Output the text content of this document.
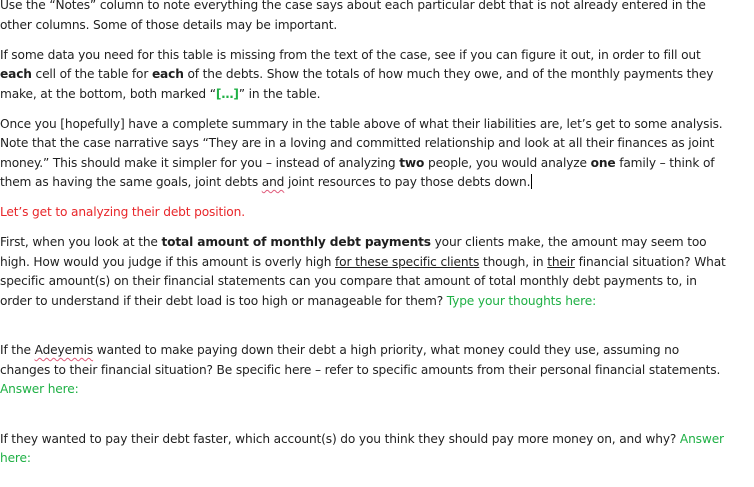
Use the “Notes” column to note everything the case says about each particular debt that is not already entered in the other columns. Some of those details may be important.

If some data you need for this table is missing from the text of the case, see if you can figure it out, in order to fill out each cell of the table for each of the debts. Show the totals of how much they owe, and of the monthly payments they make, at the bottom, both marked “[…]” in the table.

Once you [hopefully] have a complete summary in the table above of what their liabilities are, let’s get to some analysis. Note that the case narrative says “They are in a loving and committed relationship and look at all their finances as joint money.” This should make it simpler for you – instead of analyzing two people, you would analyze one family – think of them as having the same goals, joint debts and joint resources to pay those debts down.

Let’s get to analyzing their debt position.

First, when you look at the total amount of monthly debt payments your clients make, the amount may seem too high. How would you judge if this amount is overly high for these specific clients though, in their financial situation? What specific amount(s) on their financial statements can you compare that amount of total monthly debt payments to, in order to understand if their debt load is too high or manageable for them? Type your thoughts here:

If the Adeyemis wanted to make paying down their debt a high priority, what money could they use, assuming no changes to their financial situation? Be specific here – refer to specific amounts from their personal financial statements. Answer here:

If they wanted to pay their debt faster, which account(s) do you think they should pay more money on, and why? Answer here:
